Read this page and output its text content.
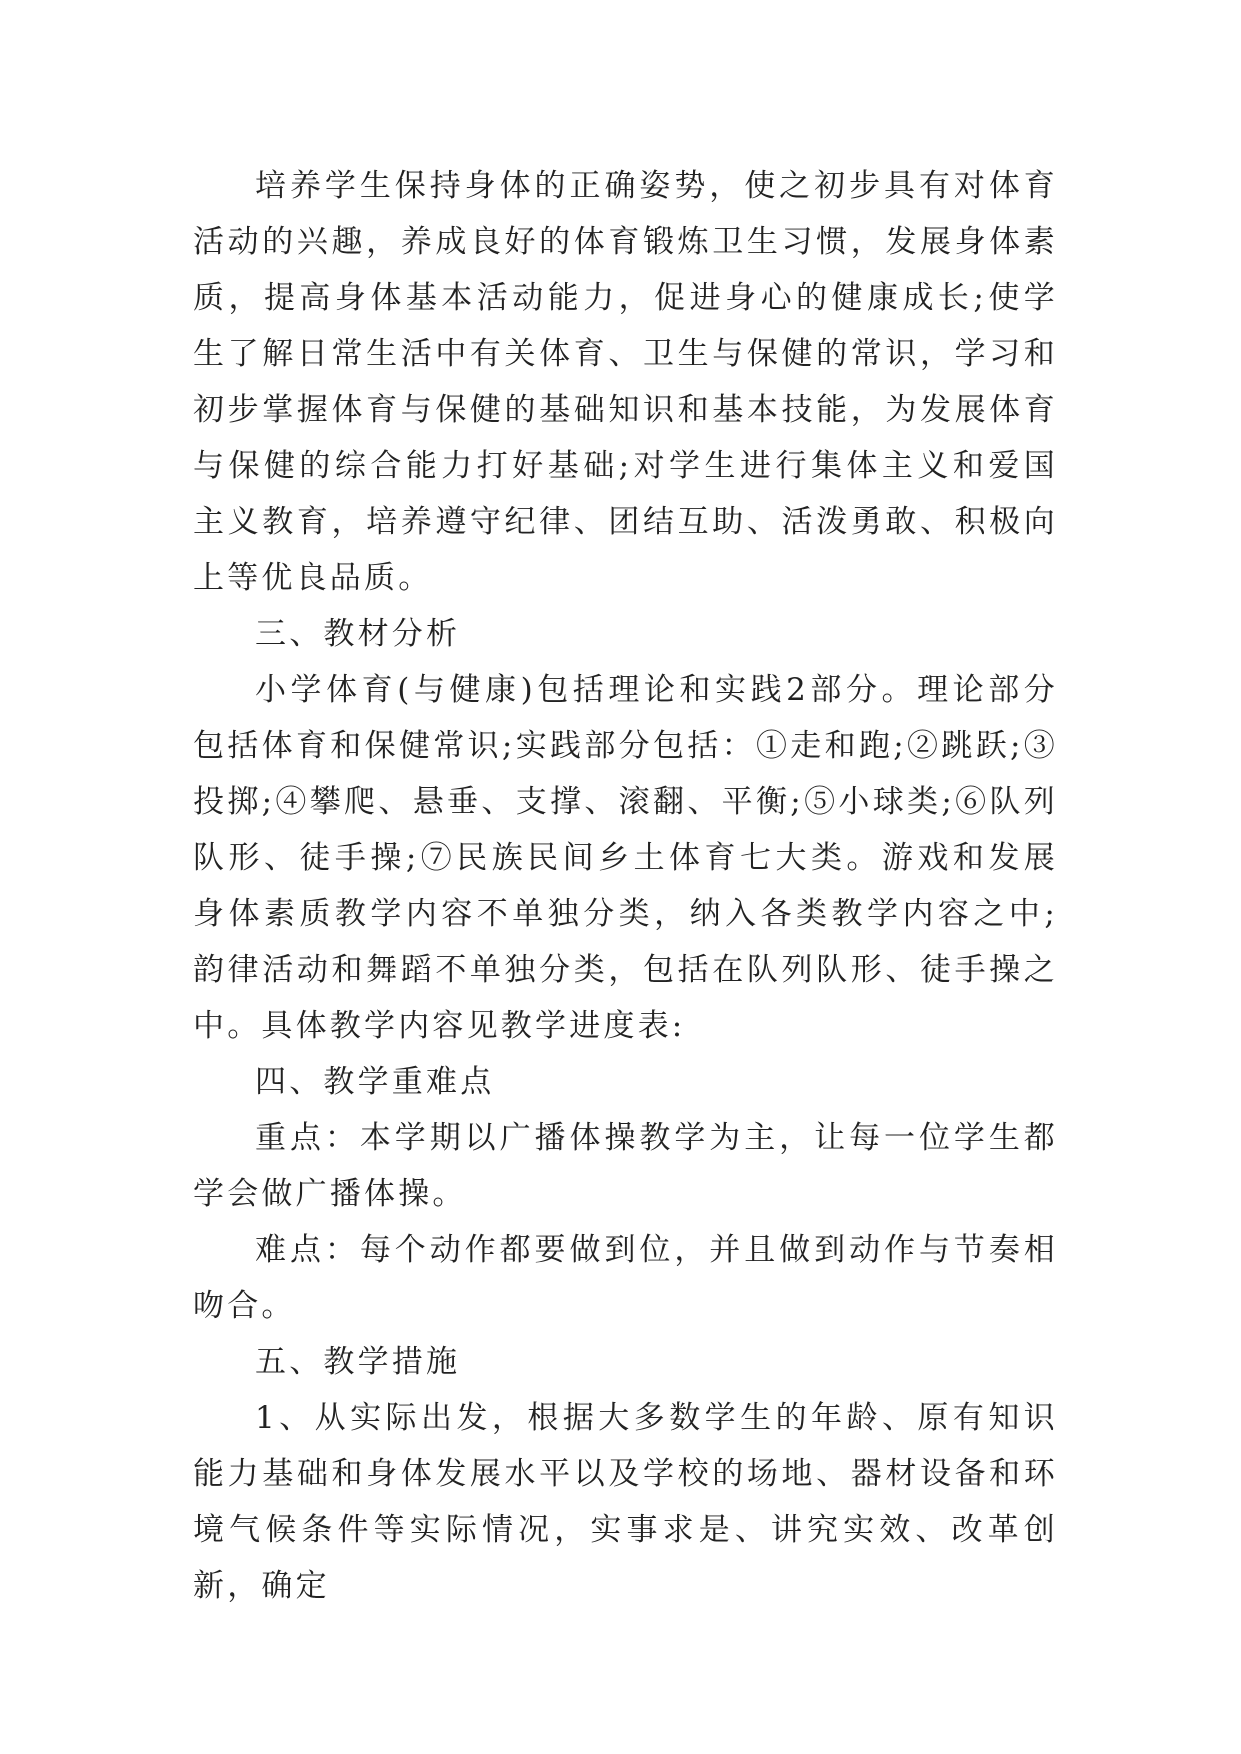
培养学生保持身体的正确姿势，使之初步具有对体育活动的兴趣，养成良好的体育锻炼卫生习惯，发展身体素质，提高身体基本活动能力，促进身心的健康成长;使学生了解日常生活中有关体育、卫生与保健的常识，学习和初步掌握体育与保健的基础知识和基本技能，为发展体育与保健的综合能力打好基础;对学生进行集体主义和爱国主义教育，培养遵守纪律、团结互助、活泼勇敢、积极向上等优良品质。

三、教材分析

小学体育(与健康)包括理论和实践2部分。理论部分包括体育和保健常识;实践部分包括：①走和跑;②跳跃;③投掷;④攀爬、悬垂、支撑、滚翻、平衡;⑤小球类;⑥队列队形、徒手操;⑦民族民间乡土体育七大类。游戏和发展身体素质教学内容不单独分类，纳入各类教学内容之中;韵律活动和舞蹈不单独分类，包括在队列队形、徒手操之中。具体教学内容见教学进度表:

四、教学重难点

重点：本学期以广播体操教学为主，让每一位学生都学会做广播体操。

难点：每个动作都要做到位，并且做到动作与节奏相吻合。

五、教学措施

1、从实际出发，根据大多数学生的年龄、原有知识能力基础和身体发展水平以及学校的场地、器材设备和环境气候条件等实际情况，实事求是、讲究实效、改革创新，确定
